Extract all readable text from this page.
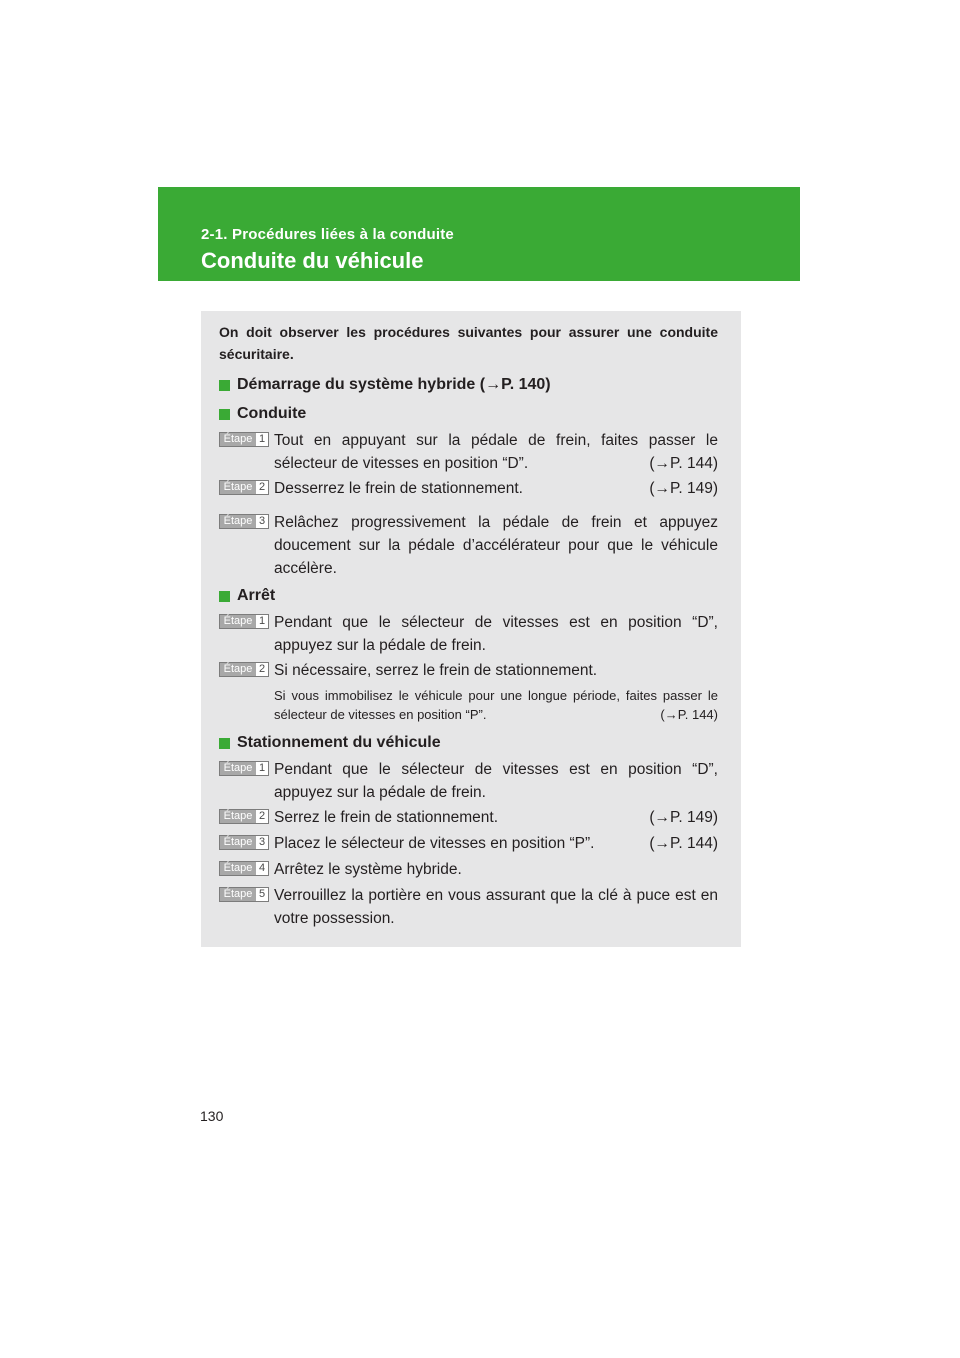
2-1. Procédures liées à la conduite
Conduite du véhicule
On doit observer les procédures suivantes pour assurer une conduite sécuritaire.
Démarrage du système hybride (→P. 140)
Conduite
Étape 1 Tout en appuyant sur la pédale de frein, faites passer le sélecteur de vitesses en position “D”.	(→P. 144)
Étape 2 Desserrez le frein de stationnement.	(→P. 149)
Étape 3 Relâchez progressivement la pédale de frein et appuyez doucement sur la pédale d’accélérateur pour que le véhicule accélère.
Arrêt
Étape 1 Pendant que le sélecteur de vitesses est en position “D”, appuyez sur la pédale de frein.
Étape 2 Si nécessaire, serrez le frein de stationnement.
Si vous immobilisez le véhicule pour une longue période, faites passer le sélecteur de vitesses en position “P”.	(→P. 144)
Stationnement du véhicule
Étape 1 Pendant que le sélecteur de vitesses est en position “D”, appuyez sur la pédale de frein.
Étape 2 Serrez le frein de stationnement.	(→P. 149)
Étape 3 Placez le sélecteur de vitesses en position “P”.	(→P. 144)
Étape 4 Arrêtez le système hybride.
Étape 5 Verrouillez la portière en vous assurant que la clé à puce est en votre possession.
130
